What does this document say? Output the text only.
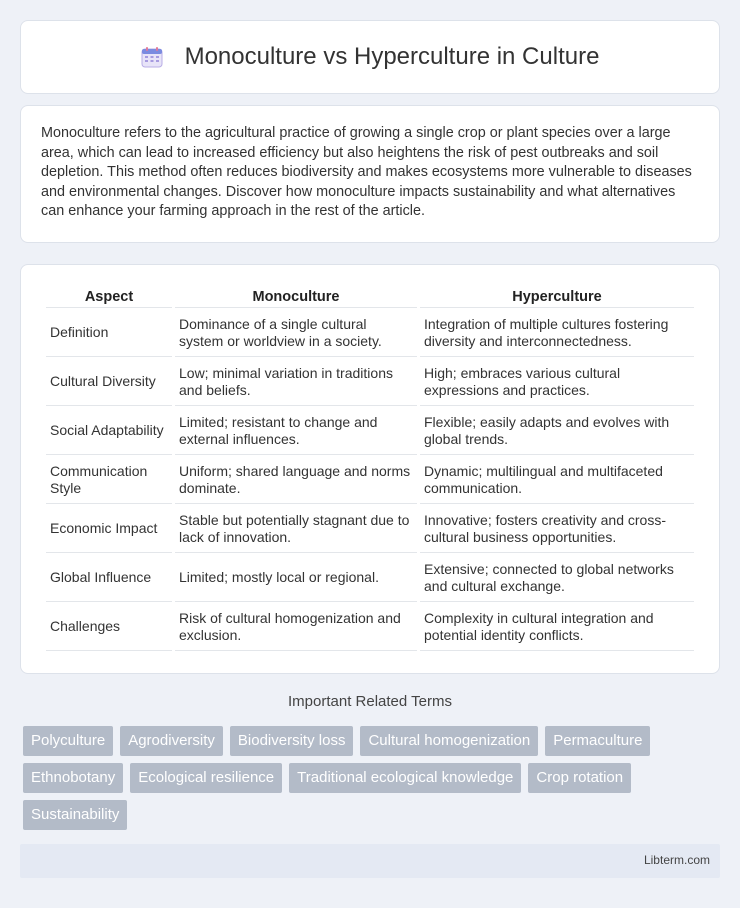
Monoculture vs Hyperculture in Culture

Monoculture refers to the agricultural practice of growing a single crop or plant species over a large area, which can lead to increased efficiency but also heightens the risk of pest outbreaks and soil depletion. This method often reduces biodiversity and makes ecosystems more vulnerable to diseases and environmental changes. Discover how monoculture impacts sustainability and what alternatives can enhance your farming approach in the rest of the article.

Aspect	Monoculture	Hyperculture
Definition	Dominance of a single cultural system or worldview in a society.	Integration of multiple cultures fostering diversity and interconnectedness.
Cultural Diversity	Low; minimal variation in traditions and beliefs.	High; embraces various cultural expressions and practices.
Social Adaptability	Limited; resistant to change and external influences.	Flexible; easily adapts and evolves with global trends.
Communication Style	Uniform; shared language and norms dominate.	Dynamic; multilingual and multifaceted communication.
Economic Impact	Stable but potentially stagnant due to lack of innovation.	Innovative; fosters creativity and cross-cultural business opportunities.
Global Influence	Limited; mostly local or regional.	Extensive; connected to global networks and cultural exchange.
Challenges	Risk of cultural homogenization and exclusion.	Complexity in cultural integration and potential identity conflicts.
Important Related Terms
Polyculture	Agrodiversity	Biodiversity loss	Cultural homogenization	Permaculture
Ethnobotany	Ecological resilience	Traditional ecological knowledge	Crop rotation
Sustainability
Libterm.com
